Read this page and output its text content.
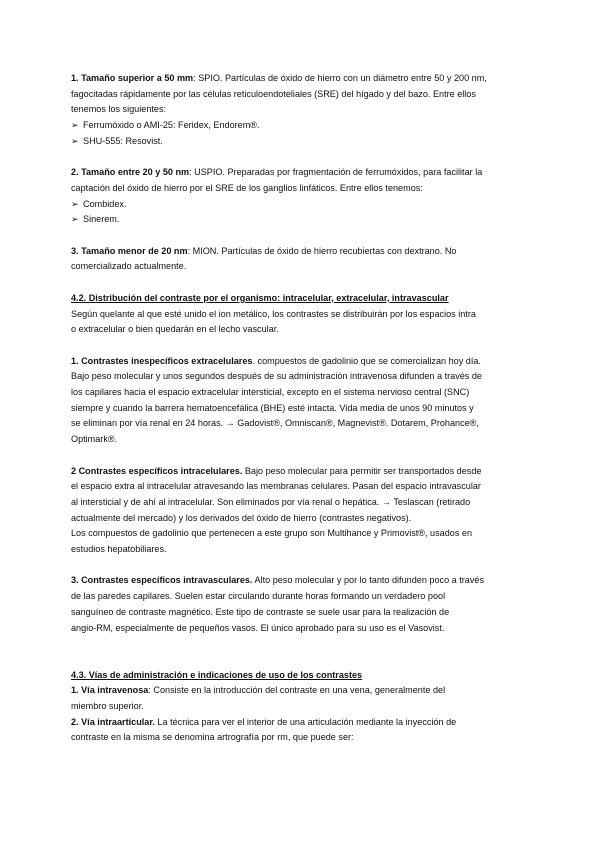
1. Tamaño superior a 50 mm: SPIO. Partículas de óxido de hierro con un diámetro entre 50 y 200 nm,

fagocitadas rápidamente por las células reticuloendoteliales (SRE) del hígado y del bazo. Entre ellos

tenemos los siguientes:

➢ Ferrumóxido o AMI-25: Feridex, Endorem®.

➢ SHU-555: Resovist.

2. Tamaño entre 20 y 50 nm: USPIO. Preparadas por fragmentación de ferrumóxidos, para facilitar la

captación del óxido de hierro por el SRE de los ganglios linfáticos. Entre ellos tenemos:

➢ Combidex.

➢ Sinerem.

3. Tamaño menor de 20 nm: MION. Partículas de óxido de hierro recubiertas con dextrano. No

comercializado actualmente.

4.2. Distribución del contraste por el organismo: intracelular, extracelular, intravascular

Según quelante al que esté unido el ion metálico, los contrastes se distribuirán por los espacios intra

o extracelular o bien quedarán en el lecho vascular.

1. Contrastes inespecíficos extracelulares. compuestos de gadolinio que se comercializan hoy día.

Bajo peso molecular y unos segundos después de su administración intravenosa difunden a través de

los capilares hacia el espacio extracelular intersticial, excepto en el sistema nervioso central (SNC)

siempre y cuando la barrera hematoencefálica (BHE) esté intacta. Vida media de unos 90 minutos y

se eliminan por vía renal en 24 horas. → Gadovist®, Omniscan®, Magnevist®. Dotarem, Prohance®,

Optimark®.

2 Contrastes específicos intracelulares. Bajo peso molecular para permitir ser transportados desde

el espacio extra al intracelular atravesando las membranas celulares. Pasan del espacio intravascular

al intersticial y de ahí al intracelular. Son eliminados por vía renal o hepática. → Teslascan (retirado

actualmente del mercado) y los derivados del óxido de hierro (contrastes negativos).

Los compuestos de gadolinio que pertenecen a este grupo son Multihance y Primovist®, usados en

estudios hepatobiliares.

3. Contrastes específicos intravasculares. Alto peso molecular y por lo tanto difunden poco a través

de las paredes capilares. Suelen estar circulando durante horas formando un verdadero pool

sanguíneo de contraste magnético. Este tipo de contraste se suele usar para la realización de

angio-RM, especialmente de pequeños vasos. El único aprobado para su uso es el Vasovist.

4.3. Vías de administración e indicaciones de uso de los contrastes

1. Vía intravenosa: Consiste en la introducción del contraste en una vena, generalmente del

miembro superior.

2. Vía intraarticular. La técnica para ver el interior de una articulación mediante la inyección de

contraste en la misma se denomina artrografía por rm, que puede ser:
